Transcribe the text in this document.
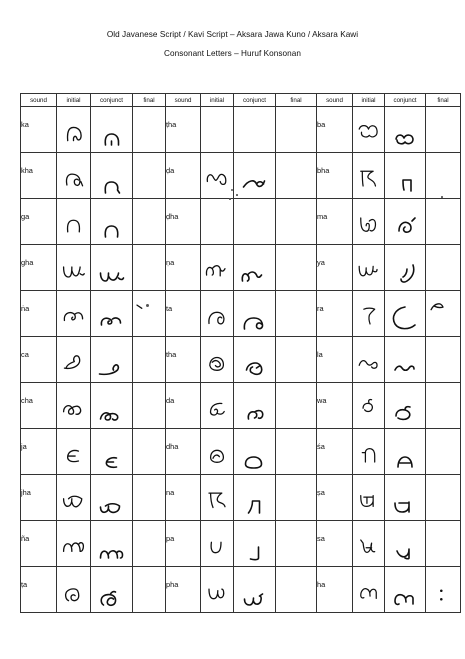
Old Javanese Script / Kavi Script – Aksara Jawa Kuno / Aksara Kawi
Consonant Letters – Huruf Konsonan
sound	initial	conjunct	final	sound	initial	conjunct	final	sound	initial	conjunct	final

ka				ṭha				ba

kha				ḍa				bha

ga				ḍha				ma

gha				ṇa				ya

ṅa				ta				ra

ca				tha				la

cha				da				wa

ja				dha				śa

jha				na				ṣa

ña				pa				sa

ṭa				pha				ha
